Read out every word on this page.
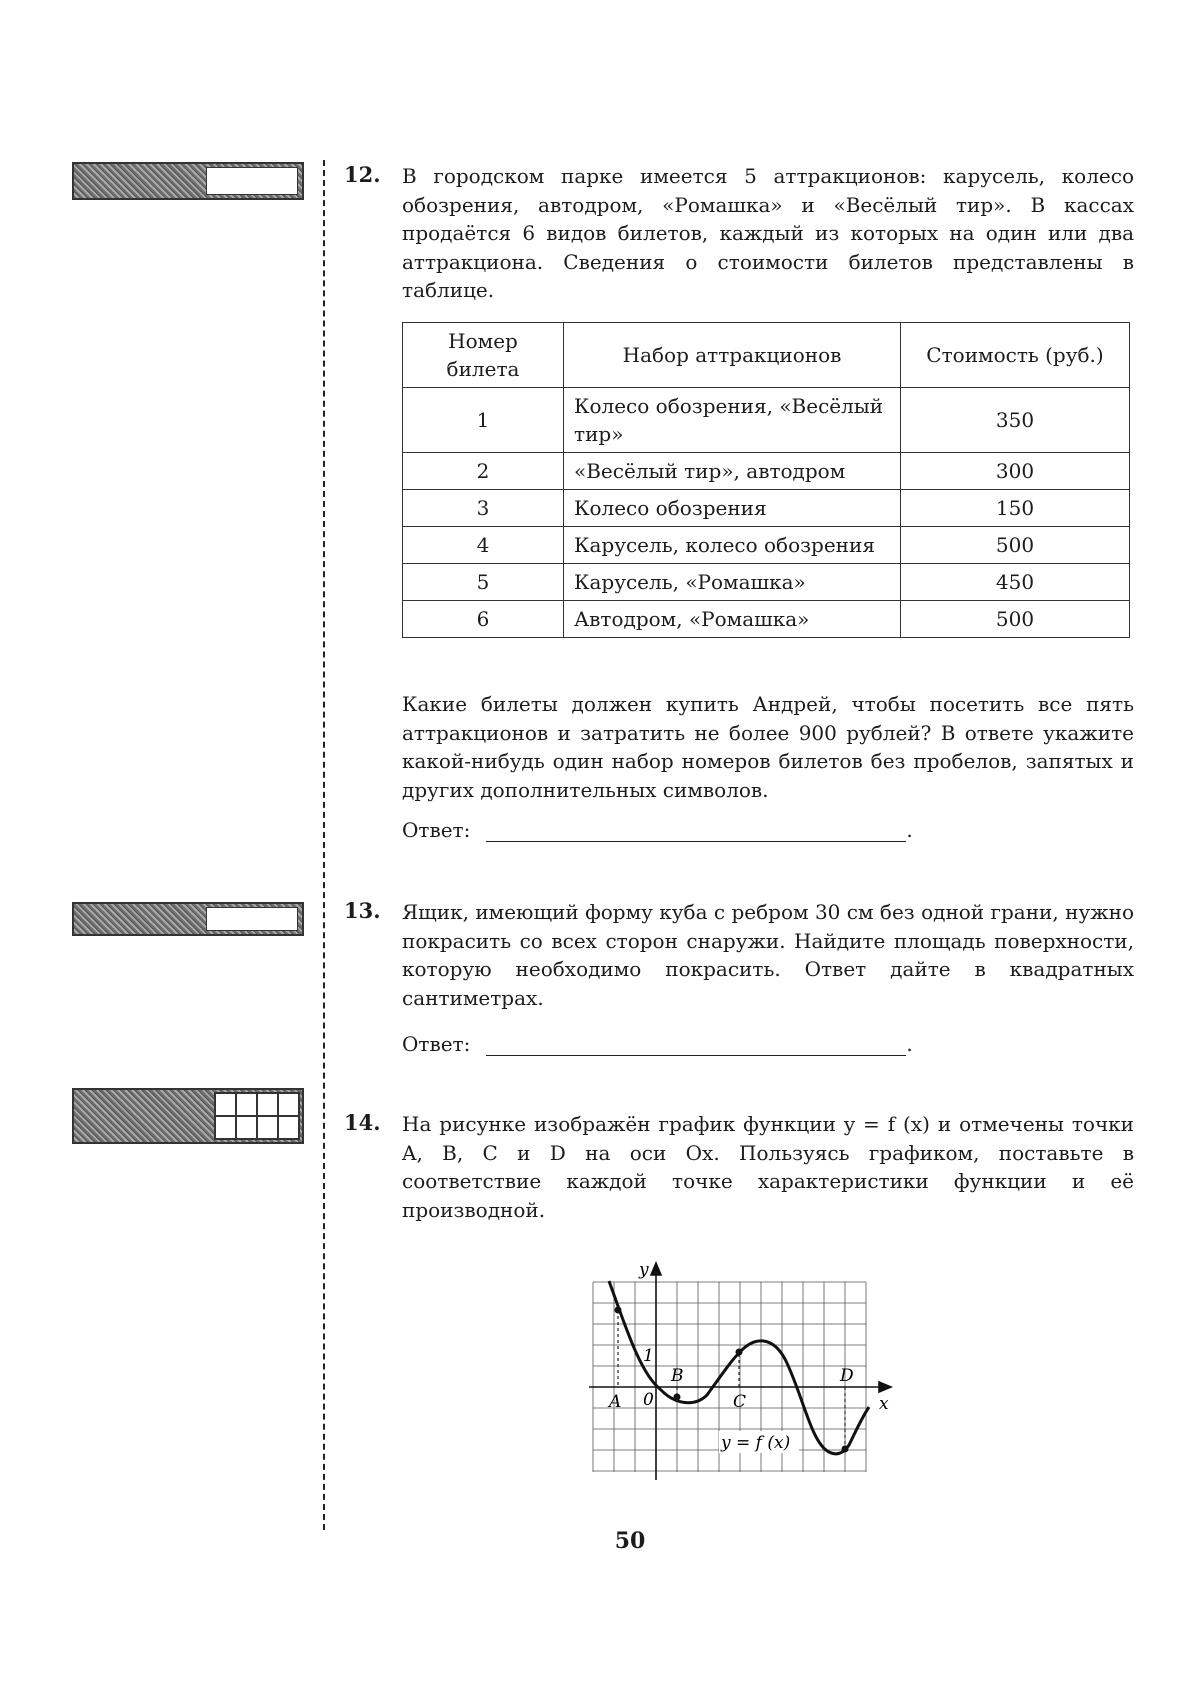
12. В городском парке имеется 5 аттракционов: карусель, колесо обозрения, автодром, «Ромашка» и «Весёлый тир». В кассах продаётся 6 видов билетов, каждый из которых на один или два аттракциона. Сведения о стоимости билетов представлены в таблице.
Номер билета	Набор аттракционов	Стоимость (руб.)
1	Колесо обозрения, «Весёлый тир»	350
2	«Весёлый тир», автодром	300
3	Колесо обозрения	150
4	Карусель, колесо обозрения	500
5	Карусель, «Ромашка»	450
6	Автодром, «Ромашка»	500
Какие билеты должен купить Андрей, чтобы посетить все пять аттракционов и затратить не более 900 рублей? В ответе укажите какой-нибудь один набор номеров билетов без пробелов, запятых и других дополнительных символов.
Ответ:	.
13. Ящик, имеющий форму куба с ребром 30 см без одной грани, нужно покрасить со всех сторон снаружи. Найдите площадь поверхности, которую необходимо покрасить. Ответ дайте в квадратных сантиметрах.
Ответ:	.
14. На рисунке изображён график функции y = f (x) и отмечены точки A, B, C и D на оси Ox. Пользуясь графиком, поставьте в соответствие каждой точке характеристики функции и её производной.
x
y
0
1
A
B
C
D
y = f (x)
50
